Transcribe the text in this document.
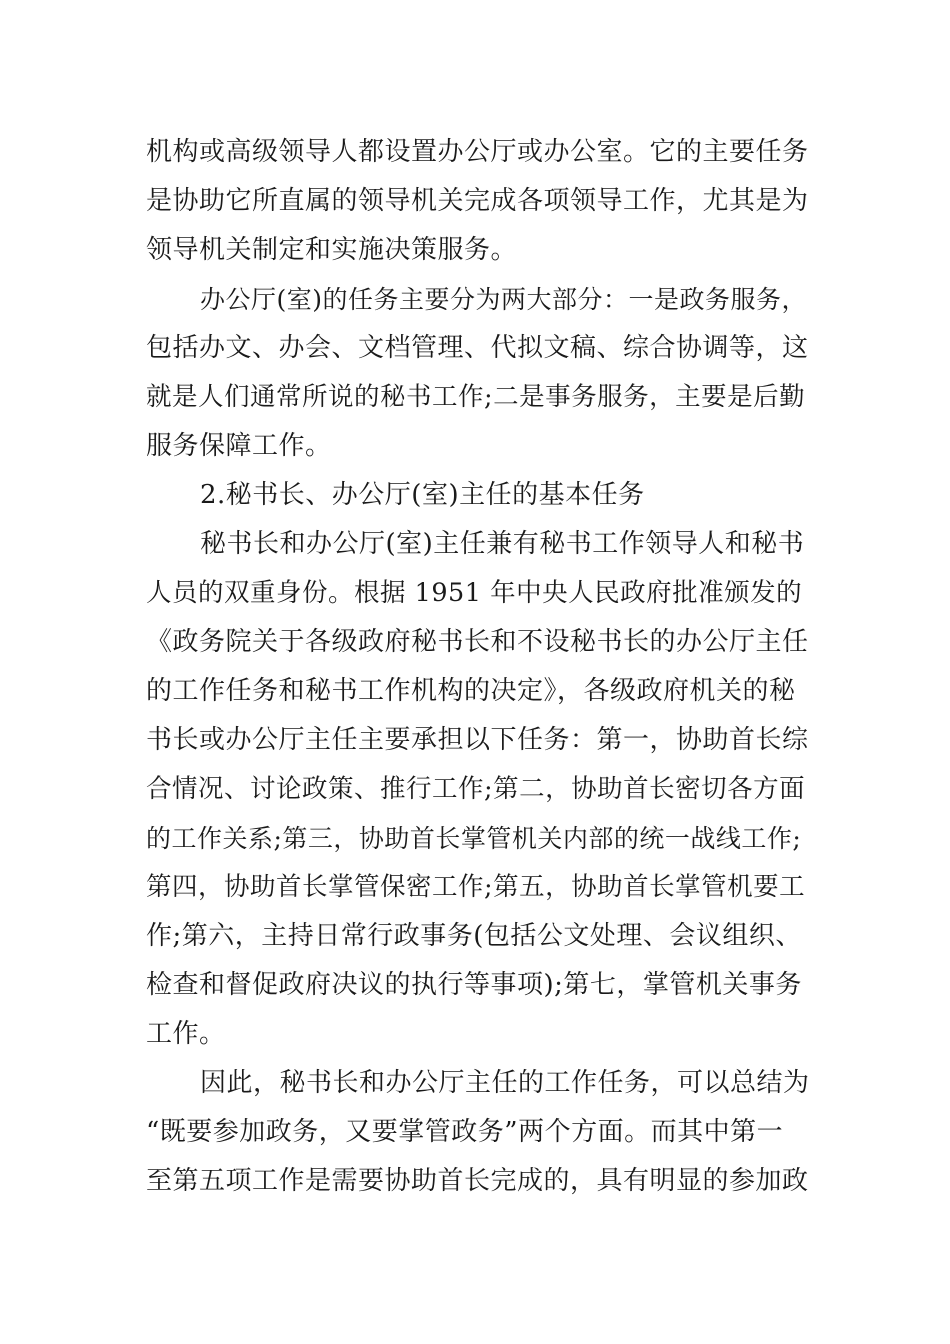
机构或高级领导人都设置办公厅或办公室。它的主要任务
是协助它所直属的领导机关完成各项领导工作，尤其是为
领导机关制定和实施决策服务。
办公厅(室)的任务主要分为两大部分：一是政务服务，
包括办文、办会、文档管理、代拟文稿、综合协调等，这
就是人们通常所说的秘书工作;二是事务服务，主要是后勤
服务保障工作。
2.秘书长、办公厅(室)主任的基本任务
秘书长和办公厅(室)主任兼有秘书工作领导人和秘书
人员的双重身份。根据 1951 年中央人民政府批准颁发的
《政务院关于各级政府秘书长和不设秘书长的办公厅主任
的工作任务和秘书工作机构的决定》，各级政府机关的秘
书长或办公厅主任主要承担以下任务：第一，协助首长综
合情况、讨论政策、推行工作;第二，协助首长密切各方面
的工作关系;第三，协助首长掌管机关内部的统一战线工作;
第四，协助首长掌管保密工作;第五，协助首长掌管机要工
作;第六，主持日常行政事务(包括公文处理、会议组织、
检查和督促政府决议的执行等事项);第七，掌管机关事务
工作。
因此，秘书长和办公厅主任的工作任务，可以总结为
“既要参加政务，又要掌管政务”两个方面。而其中第一
至第五项工作是需要协助首长完成的，具有明显的参加政
